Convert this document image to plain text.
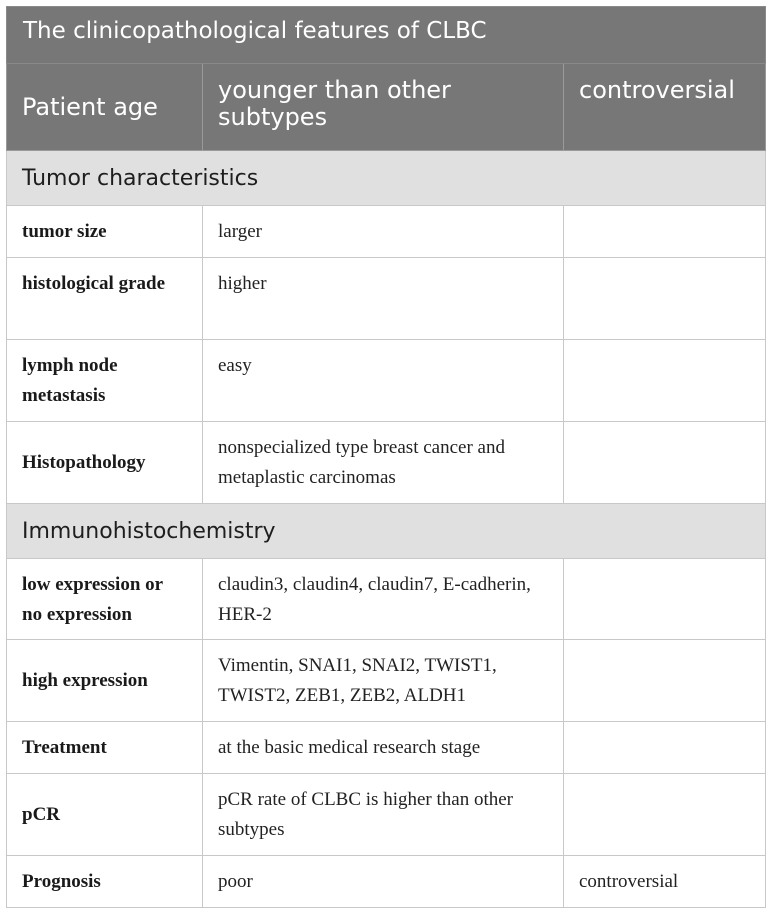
The clinicopathological features of CLBC		
Patient age	younger than other subtypes	controversial
Tumor characteristics		
tumor size	larger	
histological grade	higher	
lymph node metastasis	easy	
Histopathology	nonspecialized type breast cancer and metaplastic carcinomas	
Immunohistochemistry		
low expression or no expression	claudin3, claudin4, claudin7, E-cadherin, HER-2	
high expression	Vimentin, SNAI1, SNAI2, TWIST1, TWIST2, ZEB1, ZEB2, ALDH1	
Treatment	at the basic medical research stage	
pCR	pCR rate of CLBC is higher than other subtypes	
Prognosis	poor	controversial
